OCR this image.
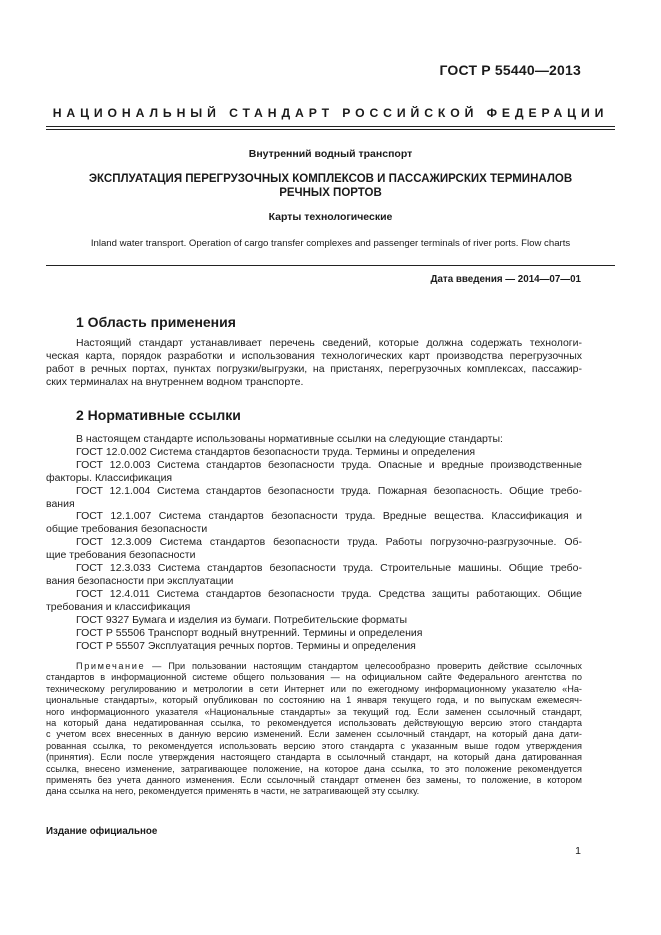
ГОСТ Р 55440—2013
НАЦИОНАЛЬНЫЙ СТАНДАРТ РОССИЙСКОЙ ФЕДЕРАЦИИ
Внутренний водный транспорт
ЭКСПЛУАТАЦИЯ ПЕРЕГРУЗОЧНЫХ КОМПЛЕКСОВ И ПАССАЖИРСКИХ ТЕРМИНАЛОВ
РЕЧНЫХ ПОРТОВ
Карты технологические
Inland water transport. Operation of cargo transfer complexes and passenger terminals of river ports. Flow charts
Дата введения — 2014—07—01
1 Область применения
Настоящий стандарт устанавливает перечень сведений, которые должна содержать технологи-
ческая карта, порядок разработки и использования технологических карт производства перегрузочных
работ в речных портах, пунктах погрузки/выгрузки, на пристанях, перегрузочных комплексах, пассажир-
ских терминалах на внутреннем водном транспорте.
2 Нормативные ссылки
В настоящем стандарте использованы нормативные ссылки на следующие стандарты:
ГОСТ 12.0.002 Система стандартов безопасности труда. Термины и определения
ГОСТ 12.0.003 Система стандартов безопасности труда. Опасные и вредные производственные
факторы. Классификация
ГОСТ 12.1.004 Система стандартов безопасности труда. Пожарная безопасность. Общие требо-
вания
ГОСТ 12.1.007 Система стандартов безопасности труда. Вредные вещества. Классификация и
общие требования безопасности
ГОСТ 12.3.009 Система стандартов безопасности труда. Работы погрузочно-разгрузочные. Об-
щие требования безопасности
ГОСТ 12.3.033 Система стандартов безопасности труда. Строительные машины. Общие требо-
вания безопасности при эксплуатации
ГОСТ 12.4.011 Система стандартов безопасности труда. Средства защиты работающих. Общие
требования и классификация
ГОСТ 9327 Бумага и изделия из бумаги. Потребительские форматы
ГОСТ Р 55506 Транспорт водный внутренний. Термины и определения
ГОСТ Р 55507 Эксплуатация речных портов. Термины и определения
Примечание — При пользовании настоящим стандартом целесообразно проверить действие ссылочных
стандартов в информационной системе общего пользования — на официальном сайте Федерального агентства по
техническому регулированию и метрологии в сети Интернет или по ежегодному информационному указателю «На-
циональные стандарты», который опубликован по состоянию на 1 января текущего года, и по выпускам ежемесяч-
ного информационного указателя «Национальные стандарты» за текущий год. Если заменен ссылочный стандарт,
на который дана недатированная ссылка, то рекомендуется использовать действующую версию этого стандарта
с учетом всех внесенных в данную версию изменений. Если заменен ссылочный стандарт, на который дана дати-
рованная ссылка, то рекомендуется использовать версию этого стандарта с указанным выше годом утверждения
(принятия). Если после утверждения настоящего стандарта в ссылочный стандарт, на который дана датированная
ссылка, внесено изменение, затрагивающее положение, на которое дана ссылка, то это положение рекомендуется
применять без учета данного изменения. Если ссылочный стандарт отменен без замены, то положение, в котором
дана ссылка на него, рекомендуется применять в части, не затрагивающей эту ссылку.
Издание официальное
1
